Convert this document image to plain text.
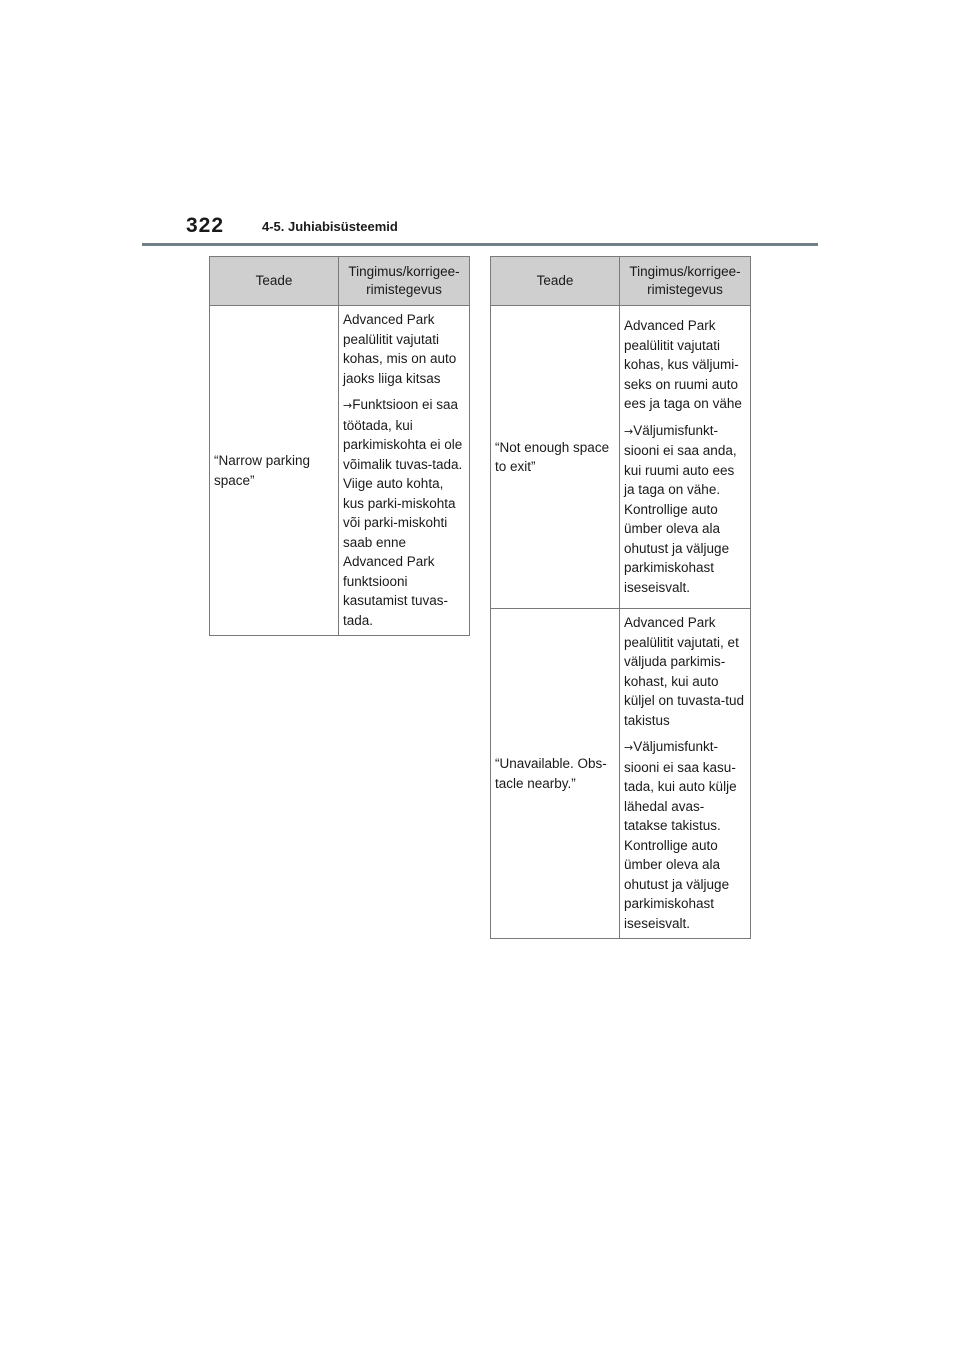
322	4-5. Juhiabisüsteemid
Teade	Tingimus/korrigee-
rimistegevus
“Narrow parking space”	Advanced Park pealülitit vajutati kohas, mis on auto jaoks liiga kitsas

→Funktsioon ei saa töötada, kui parkimiskohta ei ole võimalik tuvas-tada. Viige auto kohta, kus parki-miskohta või parki-miskohti saab enne Advanced Park funktsiooni kasutamist tuvas-tada.

Teade	Tingimus/korrigee-
rimistegevus
“Not enough space to exit”	Advanced Park pealülitit vajutati kohas, kus väljumi-seks on ruumi auto ees ja taga on vähe

→Väljumisfunkt-siooni ei saa anda, kui ruumi auto ees ja taga on vähe. Kontrollige auto ümber oleva ala ohutust ja väljuge parkimiskohast iseseisvalt.

“Unavailable. Obs-tacle nearby.”	Advanced Park pealülitit vajutati, et väljuda parkimis-kohast, kui auto küljel on tuvasta-tud takistus

→Väljumisfunkt-siooni ei saa kasu-tada, kui auto külje lähedal avas-tatakse takistus. Kontrollige auto ümber oleva ala ohutust ja väljuge parkimiskohast iseseisvalt.
